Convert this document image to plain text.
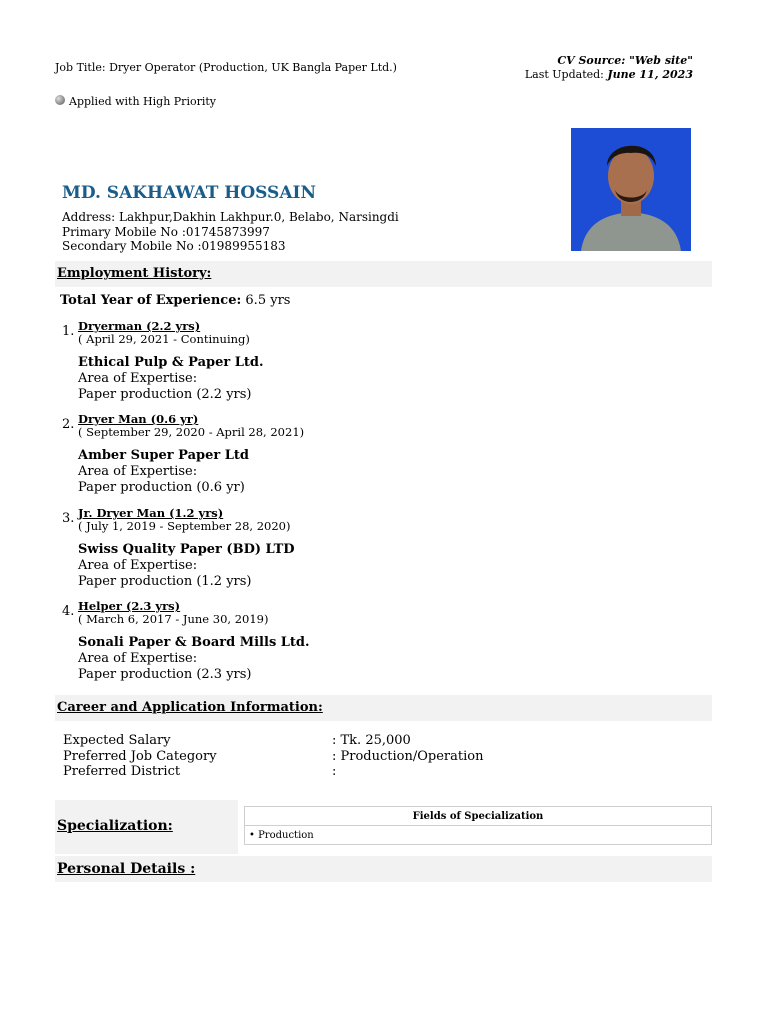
Job Title: Dryer Operator (Production, UK Bangla Paper Ltd.)
CV Source: "Web site"
Last Updated: June 11, 2023
Applied with High Priority
MD. SAKHAWAT HOSSAIN
Address: Lakhpur,Dakhin Lakhpur.0, Belabo, Narsingdi
Primary Mobile No :01745873997
Secondary Mobile No :01989955183
Employment History:
Total Year of Experience: 6.5 yrs
1. Dryerman (2.2 yrs)
( April 29, 2021 - Continuing)
Ethical Pulp & Paper Ltd.
Area of Expertise:
Paper production (2.2 yrs)
2. Dryer Man (0.6 yr)
( September 29, 2020 - April 28, 2021)
Amber Super Paper Ltd
Area of Expertise:
Paper production (0.6 yr)
3. Jr. Dryer Man (1.2 yrs)
( July 1, 2019 - September 28, 2020)
Swiss Quality Paper (BD) LTD
Area of Expertise:
Paper production (1.2 yrs)
4. Helper (2.3 yrs)
( March 6, 2017 - June 30, 2019)
Sonali Paper & Board Mills Ltd.
Area of Expertise:
Paper production (2.3 yrs)
Career and Application Information:
Expected Salary	: Tk. 25,000
Preferred Job Category	: Production/Operation
Preferred District	:
Specialization:
Fields of Specialization
• Production
Personal Details :
